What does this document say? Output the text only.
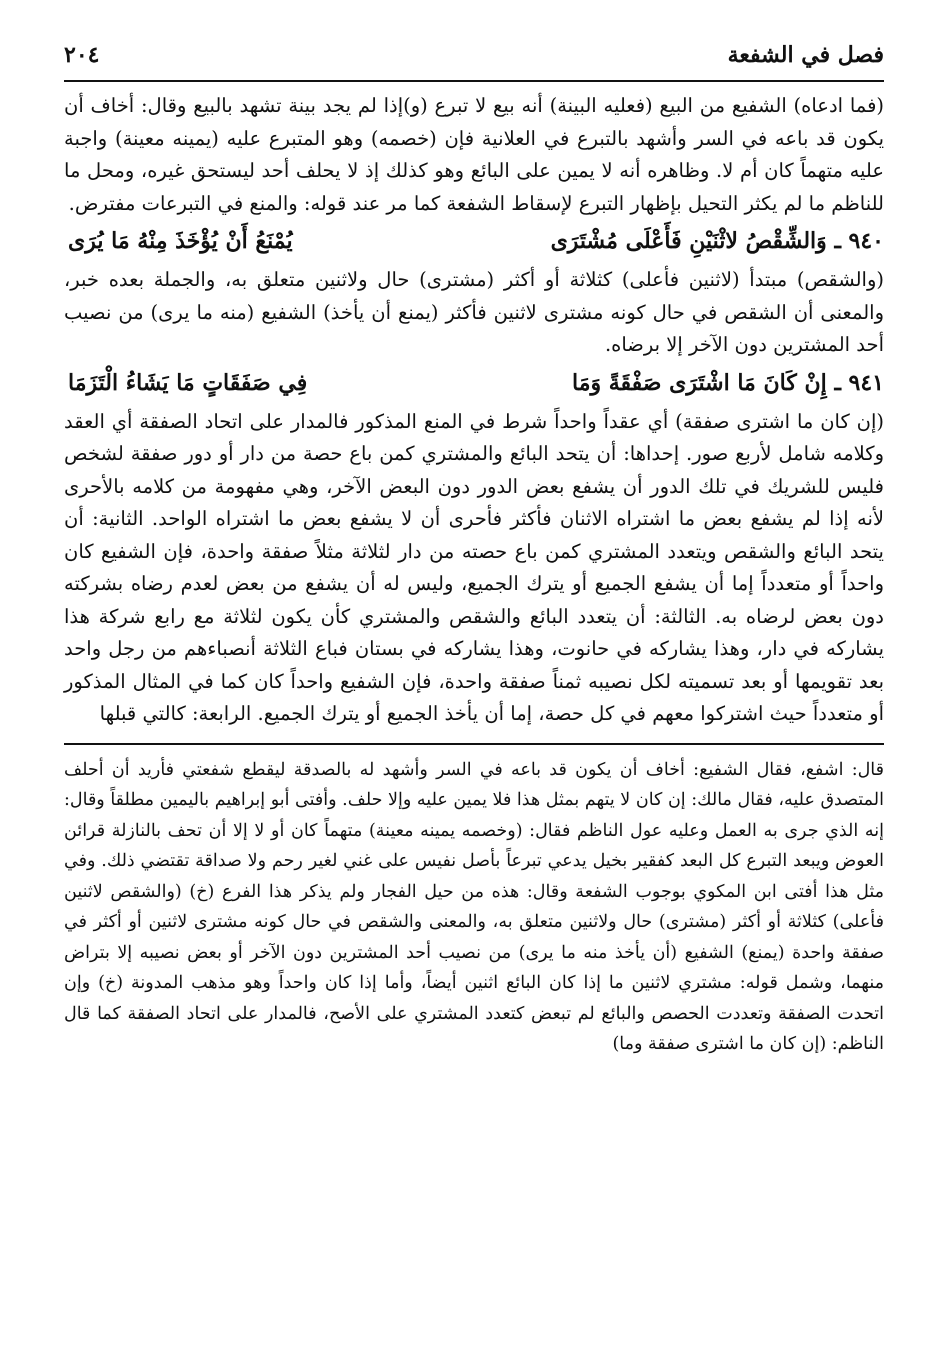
فصل في الشفعة
٢٠٤

(فما ادعاه) الشفيع من البيع (فعليه البينة) أنه بيع لا تبرع (و)إذا لم يجد بينة تشهد بالبيع وقال: أخاف أن يكون قد باعه في السر وأشهد بالتبرع في العلانية فإن (خصمه) وهو المتبرع عليه (يمينه معينة) واجبة عليه متهماً كان أم لا. وظاهره أنه لا يمين على البائع وهو كذلك إذ لا يحلف أحد ليستحق غيره، ومحل ما للناظم ما لم يكثر التحيل بإظهار التبرع لإسقاط الشفعة كما مر عند قوله: والمنع في التبرعات مفترض.

٩٤٠ ـ وَالشِّقْصُ لاثْنَيْنِ فَأَعْلَى مُشْتَرَى
يُمْنَعُ أَنْ يُؤْخَذَ مِنْهُ مَا يُرَى

(والشقص) مبتدأ (لاثنين فأعلى) كثلاثة أو أكثر (مشترى) حال ولاثنين متعلق به، والجملة بعده خبر، والمعنى أن الشقص في حال كونه مشترى لاثنين فأكثر (يمنع أن يأخذ) الشفيع (منه ما يرى) من نصيب أحد المشترين دون الآخر إلا برضاه.

٩٤١ ـ إِنْ كَانَ مَا اشْتَرَى صَفْقَةً وَمَا
فِي صَفَقَاتٍ مَا يَشَاءُ الْتَزَمَا

(إن كان ما اشترى صفقة) أي عقداً واحداً شرط في المنع المذكور فالمدار على اتحاد الصفقة أي العقد وكلامه شامل لأربع صور. إحداها: أن يتحد البائع والمشتري كمن باع حصة من دار أو دور صفقة لشخص فليس للشريك في تلك الدور أن يشفع بعض الدور دون البعض الآخر، وهي مفهومة من كلامه بالأحرى لأنه إذا لم يشفع بعض ما اشتراه الاثنان فأكثر فأحرى أن لا يشفع بعض ما اشتراه الواحد. الثانية: أن يتحد البائع والشقص ويتعدد المشتري كمن باع حصته من دار لثلاثة مثلاً صفقة واحدة، فإن الشفيع كان واحداً أو متعدداً إما أن يشفع الجميع أو يترك الجميع، وليس له أن يشفع من بعض لعدم رضاه بشركته دون بعض لرضاه به. الثالثة: أن يتعدد البائع والشقص والمشتري كأن يكون لثلاثة مع رابع شركة هذا يشاركه في دار، وهذا يشاركه في حانوت، وهذا يشاركه في بستان فباع الثلاثة أنصباءهم من رجل واحد بعد تقويمها أو بعد تسميته لكل نصيبه ثمناً صفقة واحدة، فإن الشفيع واحداً كان كما في المثال المذكور أو متعدداً حيث اشتركوا معهم في كل حصة، إما أن يأخذ الجميع أو يترك الجميع. الرابعة: كالتي قبلها

قال: اشفع، فقال الشفيع: أخاف أن يكون قد باعه في السر وأشهد له بالصدقة ليقطع شفعتي فأريد أن أحلف المتصدق عليه، فقال مالك: إن كان لا يتهم بمثل هذا فلا يمين عليه وإلا حلف. وأفتى أبو إبراهيم باليمين مطلقاً وقال: إنه الذي جرى به العمل وعليه عول الناظم فقال: (وخصمه يمينه معينة) متهماً كان أو لا إلا أن تحف بالنازلة قرائن العوض ويبعد التبرع كل البعد كفقير بخيل يدعي تبرعاً بأصل نفيس على غني لغير رحم ولا صداقة تقتضي ذلك. وفي مثل هذا أفتى ابن المكوي بوجوب الشفعة وقال: هذه من حيل الفجار ولم يذكر هذا الفرع (خ) (والشقص لاثنين فأعلى) كثلاثة أو أكثر (مشترى) حال ولاثنين متعلق به، والمعنى والشقص في حال كونه مشترى لاثنين أو أكثر في صفقة واحدة (يمنع) الشفيع (أن يأخذ منه ما يرى) من نصيب أحد المشترين دون الآخر أو بعض نصيبه إلا بتراض منهما، وشمل قوله: مشتري لاثنين ما إذا كان البائع اثنين أيضاً، وأما إذا كان واحداً وهو مذهب المدونة (خ) وإن اتحدت الصفقة وتعددت الحصص والبائع لم تبعض كتعدد المشتري على الأصح، فالمدار على اتحاد الصفقة كما قال الناظم: (إن كان ما اشترى صفقة وما)
